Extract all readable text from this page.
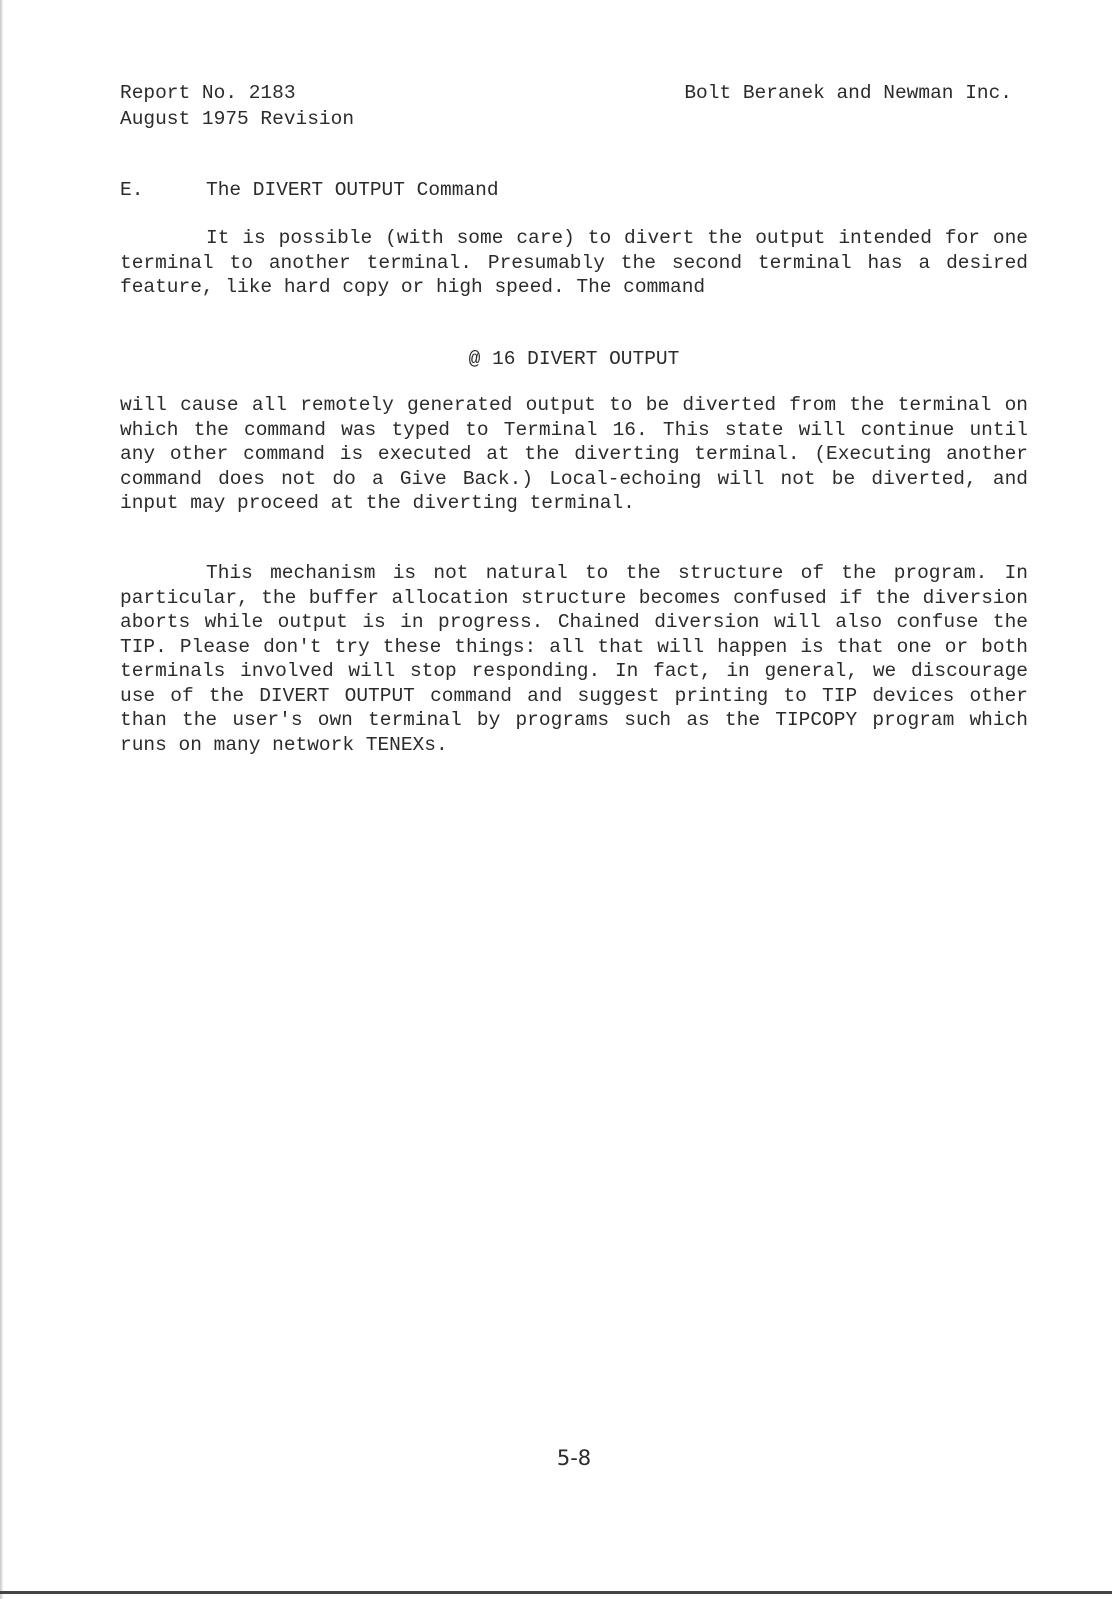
Report No. 2183
August 1975 Revision
Bolt Beranek and Newman Inc.
E.	The DIVERT OUTPUT Command
It is possible (with some care) to divert the output intended for one terminal to another terminal. Presumably the second terminal has a desired feature, like hard copy or high speed. The command
@ 16 DIVERT OUTPUT
will cause all remotely generated output to be diverted from the terminal on which the command was typed to Terminal 16. This state will continue until any other command is executed at the diverting terminal. (Executing another command does not do a Give Back.) Local-echoing will not be diverted, and input may proceed at the diverting terminal.
This mechanism is not natural to the structure of the program. In particular, the buffer allocation structure becomes confused if the diversion aborts while output is in progress. Chained diversion will also confuse the TIP. Please don't try these things: all that will happen is that one or both terminals involved will stop responding. In fact, in general, we discourage use of the DIVERT OUTPUT command and suggest printing to TIP devices other than the user's own terminal by programs such as the TIPCOPY program which runs on many network TENEXs.
5-8
